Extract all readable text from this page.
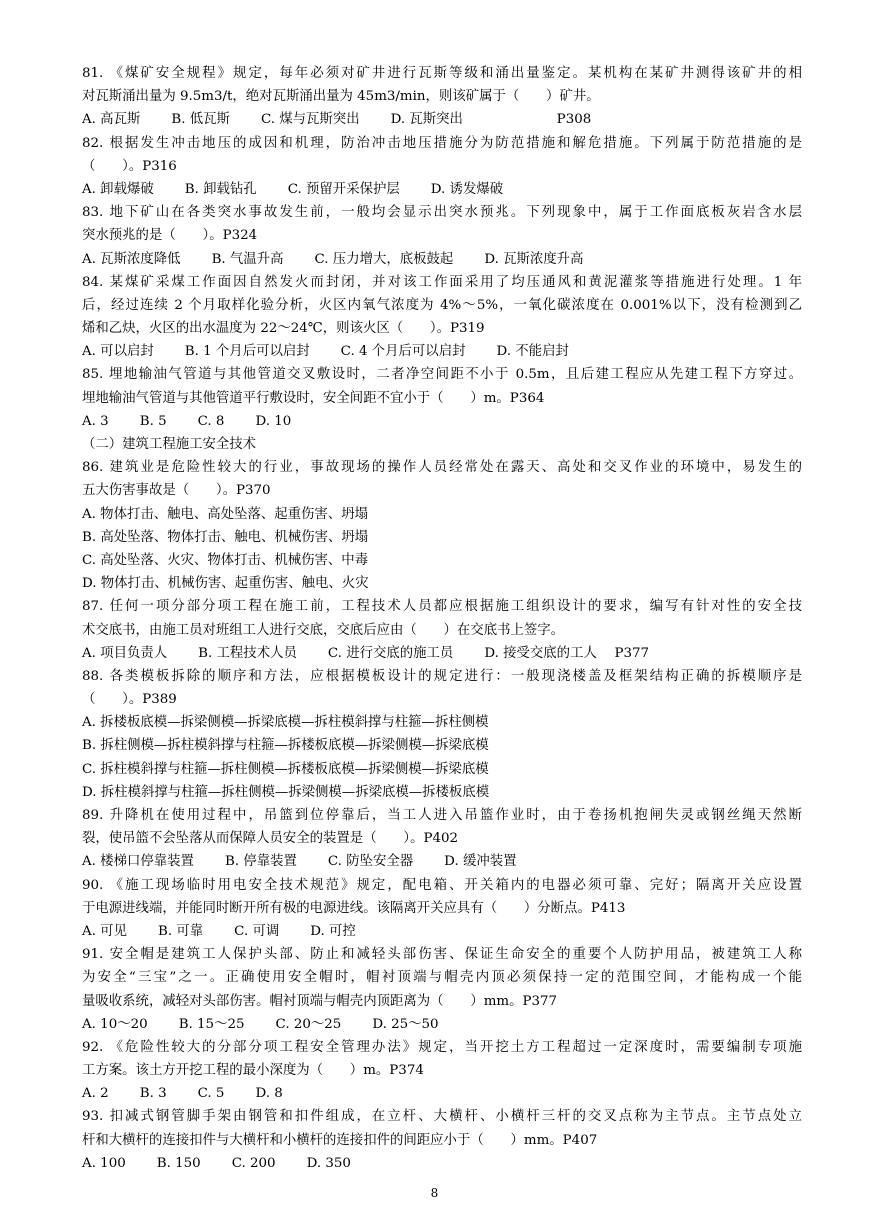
81. 《煤矿安全规程》规定，每年必须对矿井进行瓦斯等级和涌出量鉴定。某机构在某矿井测得该矿井的相
对瓦斯涌出量为 9.5m3/t，绝对瓦斯涌出量为 45m3/min，则该矿属于（　　）矿井。
A. 高瓦斯　　 B. 低瓦斯　　 C. 煤与瓦斯突出　　 D. 瓦斯突出　　　　　　　P308
82. 根据发生冲击地压的成因和机理，防治冲击地压措施分为防范措施和解危措施。下列属于防范措施的是
（　　）。P316
A. 卸载爆破　　 B. 卸载钻孔　　 C. 预留开采保护层　　 D. 诱发爆破
83. 地下矿山在各类突水事故发生前，一般均会显示出突水预兆。下列现象中，属于工作面底板灰岩含水层
突水预兆的是（　　）。P324
A. 瓦斯浓度降低　　 B. 气温升高　　 C. 压力增大，底板鼓起　　 D. 瓦斯浓度升高
84. 某煤矿采煤工作面因自然发火而封闭，并对该工作面采用了均压通风和黄泥灌浆等措施进行处理。1 年
后，经过连续 2 个月取样化验分析，火区内氧气浓度为 4%～5%，一氧化碳浓度在 0.001%以下，没有检测到乙
烯和乙炔，火区的出水温度为 22～24℃，则该火区（　　）。P319
A. 可以启封　　 B. 1 个月后可以启封　　 C. 4 个月后可以启封　　 D. 不能启封
85. 埋地输油气管道与其他管道交叉敷设时，二者净空间距不小于 0.5m，且后建工程应从先建工程下方穿过。
埋地输油气管道与其他管道平行敷设时，安全间距不宜小于（　　）m。P364
A. 3　　 B. 5　　 C. 8　　 D. 10
（二）建筑工程施工安全技术
86. 建筑业是危险性较大的行业，事故现场的操作人员经常处在露天、高处和交叉作业的环境中，易发生的
五大伤害事故是（　　）。P370
A. 物体打击、触电、高处坠落、起重伤害、坍塌
B. 高处坠落、物体打击、触电、机械伤害、坍塌
C. 高处坠落、火灾、物体打击、机械伤害、中毒
D. 物体打击、机械伤害、起重伤害、触电、火灾
87. 任何一项分部分项工程在施工前，工程技术人员都应根据施工组织设计的要求，编写有针对性的安全技
术交底书，由施工员对班组工人进行交底，交底后应由（　　）在交底书上签字。
A. 项目负责人　　 B. 工程技术人员　　 C. 进行交底的施工员　　 D. 接受交底的工人　 P377
88. 各类模板拆除的顺序和方法，应根据模板设计的规定进行：一般现浇楼盖及框架结构正确的拆模顺序是
（　　）。P389
A. 拆楼板底模—拆梁侧模—拆梁底模—拆柱模斜撑与柱箍—拆柱侧模
B. 拆柱侧模—拆柱模斜撑与柱箍—拆楼板底模—拆梁侧模—拆梁底模
C. 拆柱模斜撑与柱箍—拆柱侧模—拆楼板底模—拆梁侧模—拆梁底模
D. 拆柱模斜撑与柱箍—拆柱侧模—拆梁侧模—拆梁底模—拆楼板底模
89. 升降机在使用过程中，吊篮到位停靠后，当工人进入吊篮作业时，由于卷扬机抱闸失灵或钢丝绳天然断
裂，使吊篮不会坠落从而保障人员安全的装置是（　　）。P402
A. 楼梯口停靠装置　　 B. 停靠装置　　 C. 防坠安全器　　 D. 缓冲装置
90. 《施工现场临时用电安全技术规范》规定，配电箱、开关箱内的电器必须可靠、完好；隔离开关应设置
于电源进线端，并能同时断开所有极的电源进线。该隔离开关应具有（　　）分断点。P413
A. 可见　　 B. 可靠　　 C. 可调　　 D. 可控
91. 安全帽是建筑工人保护头部、防止和减轻头部伤害、保证生命安全的重要个人防护用品，被建筑工人称
为安全“三宝”之一。正确使用安全帽时，帽衬顶端与帽壳内顶必须保持一定的范围空间，才能构成一个能
量吸收系统，减轻对头部伤害。帽衬顶端与帽壳内顶距离为（　　）mm。P377
A. 10～20　　 B. 15～25　　 C. 20～25　　 D. 25～50
92. 《危险性较大的分部分项工程安全管理办法》规定，当开挖土方工程超过一定深度时，需要编制专项施
工方案。该土方开挖工程的最小深度为（　　）m。P374
A. 2　　 B. 3　　 C. 5　　 D. 8
93. 扣减式钢管脚手架由钢管和扣件组成，在立杆、大横杆、小横杆三杆的交叉点称为主节点。主节点处立
杆和大横杆的连接扣件与大横杆和小横杆的连接扣件的间距应小于（　　）mm。P407
A. 100　　 B. 150　　 C. 200　　 D. 350
8
